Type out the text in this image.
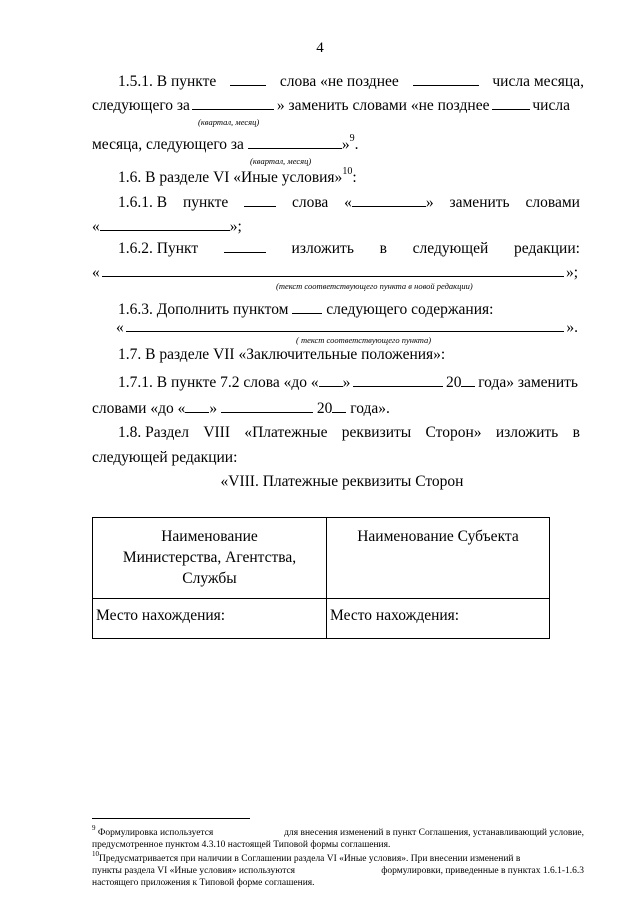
4
1.5.1. В пункте	слова «не позднее	числа месяца,
следующего за	» заменить словами «не позднее	числа
(квартал, месяц)
месяца, следующего за	»$^9$.
(квартал, месяц)
1.6. В разделе VI «Иные условия»$^{10}$:
1.6.1. В пункте	слова «	» заменить словами
«	»;
1.6.2. Пункт	изложить в следующей редакции:
«	»;
(текст соответствующего пункта в новой редакции)
1.6.3. Дополнить пунктом следующего содержания:
«	».
( текст соответствующего пункта)
1.7. В разделе VII «Заключительные положения»:
1.7.1. В пункте 7.2 слова «до « »	20	года» заменить
словами «до « »	20 года».
1.8. Раздел VIII «Платежные реквизиты Сторон» изложить в
следующей редакции:
«VIII. Платежные реквизиты Сторон
Наименование
Министерства, Агентства,
Службы	Наименование Субъекта

Место нахождения:	Место нахождения:
$^9$ Формулировка используется	для внесения изменений в пункт Соглашения, устанавливающий условие,
предусмотренное пунктом 4.3.10 настоящей Типовой формы соглашения.
$^{10}$Предусматривается при наличии в Соглашении раздела VI «Иные условия». При внесении изменений в
пункты раздела VI «Иные условия» используются	формулировки, приведенные в пунктах 1.6.1-1.6.3
настоящего приложения к Типовой форме соглашения.
